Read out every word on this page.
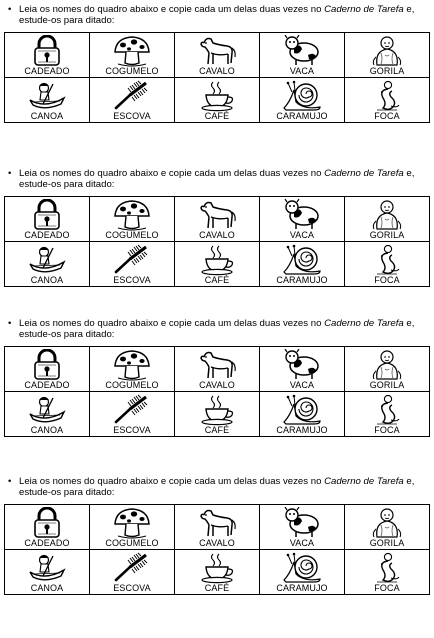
• Leia os nomes do quadro abaixo e copie cada um delas duas vezes no Caderno de Tarefa e, estude-os para ditado:
CADEADO	COGUMELO	CAVALO	VACA	GORILA

CANOA	ESCOVA	CAFÉ	CARAMUJO	FOCA
• Leia os nomes do quadro abaixo e copie cada um delas duas vezes no Caderno de Tarefa e, estude-os para ditado:
CADEADO	COGUMELO	CAVALO	VACA	GORILA

CANOA	ESCOVA	CAFÉ	CARAMUJO	FOCA
• Leia os nomes do quadro abaixo e copie cada um delas duas vezes no Caderno de Tarefa e, estude-os para ditado:
CADEADO	COGUMELO	CAVALO	VACA	GORILA

CANOA	ESCOVA	CAFÉ	CARAMUJO	FOCA
• Leia os nomes do quadro abaixo e copie cada um delas duas vezes no Caderno de Tarefa e, estude-os para ditado:
CADEADO	COGUMELO	CAVALO	VACA	GORILA

CANOA	ESCOVA	CAFÉ	CARAMUJO	FOCA
